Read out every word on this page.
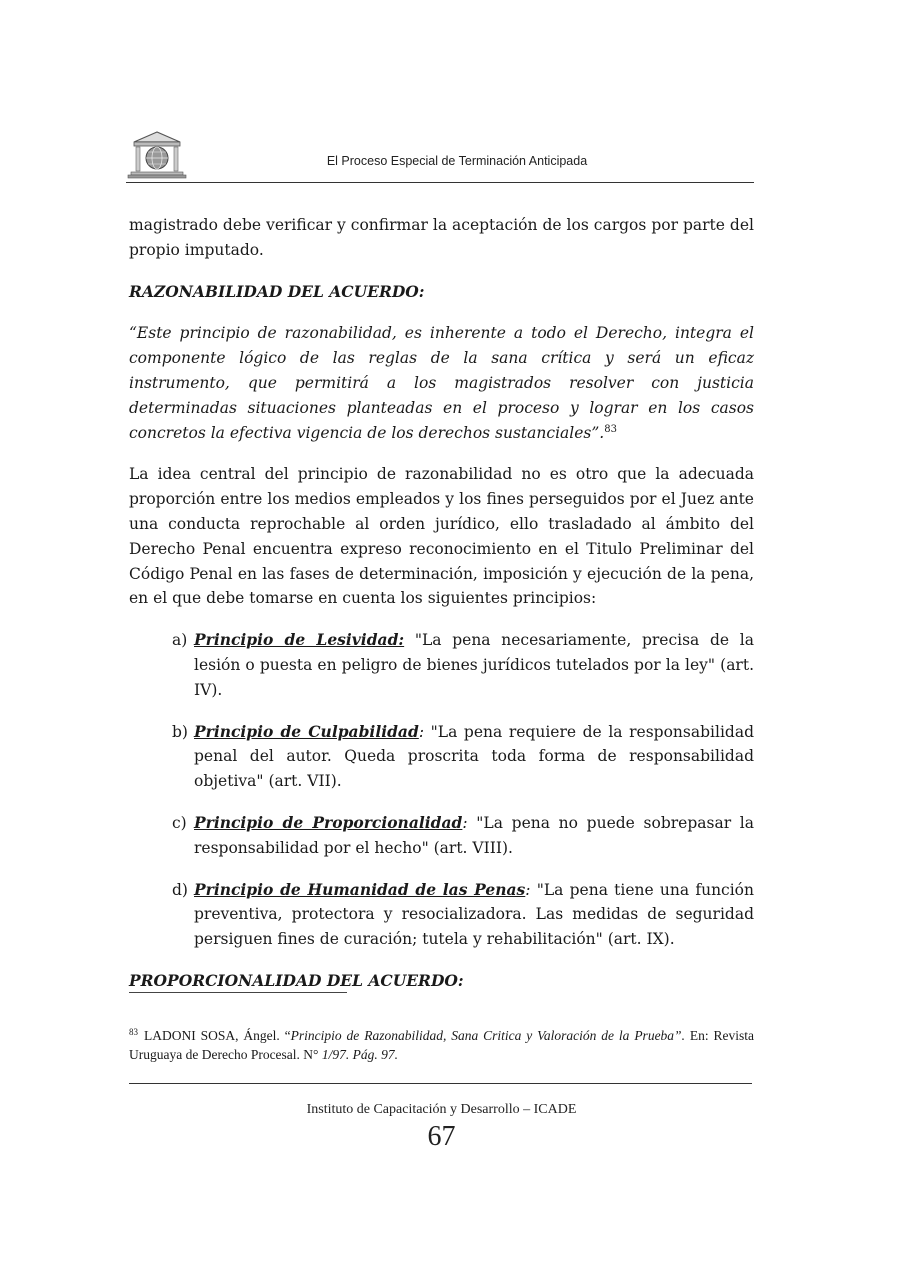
El Proceso Especial de Terminación Anticipada

magistrado debe verificar y confirmar la aceptación de los cargos por parte del propio imputado.

RAZONABILIDAD DEL ACUERDO:

“Este principio de razonabilidad, es inherente a todo el Derecho, integra el componente lógico de las reglas de la sana crítica y será un eficaz instrumento, que permitirá a los magistrados resolver con justicia determinadas situaciones planteadas en el proceso y lograr en los casos concretos la efectiva vigencia de los derechos sustanciales”.$^{83}$

La idea central del principio de razonabilidad no es otro que la adecuada proporción entre los medios empleados y los fines perseguidos por el Juez ante una conducta reprochable al orden jurídico, ello trasladado al ámbito del Derecho Penal encuentra expreso reconocimiento en el Titulo Preliminar del Código Penal en las fases de determinación, imposición y ejecución de la pena, en el que debe tomarse en cuenta los siguientes principios:

a) Principio de Lesividad: "La pena necesariamente, precisa de la lesión o puesta en peligro de bienes jurídicos tutelados por la ley" (art. IV).
b) Principio de Culpabilidad: "La pena requiere de la responsabilidad penal del autor. Queda proscrita toda forma de responsabilidad objetiva" (art. VII).
c) Principio de Proporcionalidad: "La pena no puede sobrepasar la responsabilidad por el hecho" (art. VIII).
d) Principio de Humanidad de las Penas: "La pena tiene una función preventiva, protectora y resocializadora. Las medidas de seguridad persiguen fines de curación; tutela y rehabilitación" (art. IX).

PROPORCIONALIDAD DEL ACUERDO:

$^{83}$ LADONI SOSA, Ángel. “Principio de Razonabilidad, Sana Critica y Valoración de la Prueba”. En: Revista Uruguaya de Derecho Procesal. N° 1/97. Pág. 97.
Instituto de Capacitación y Desarrollo – ICADE
67
